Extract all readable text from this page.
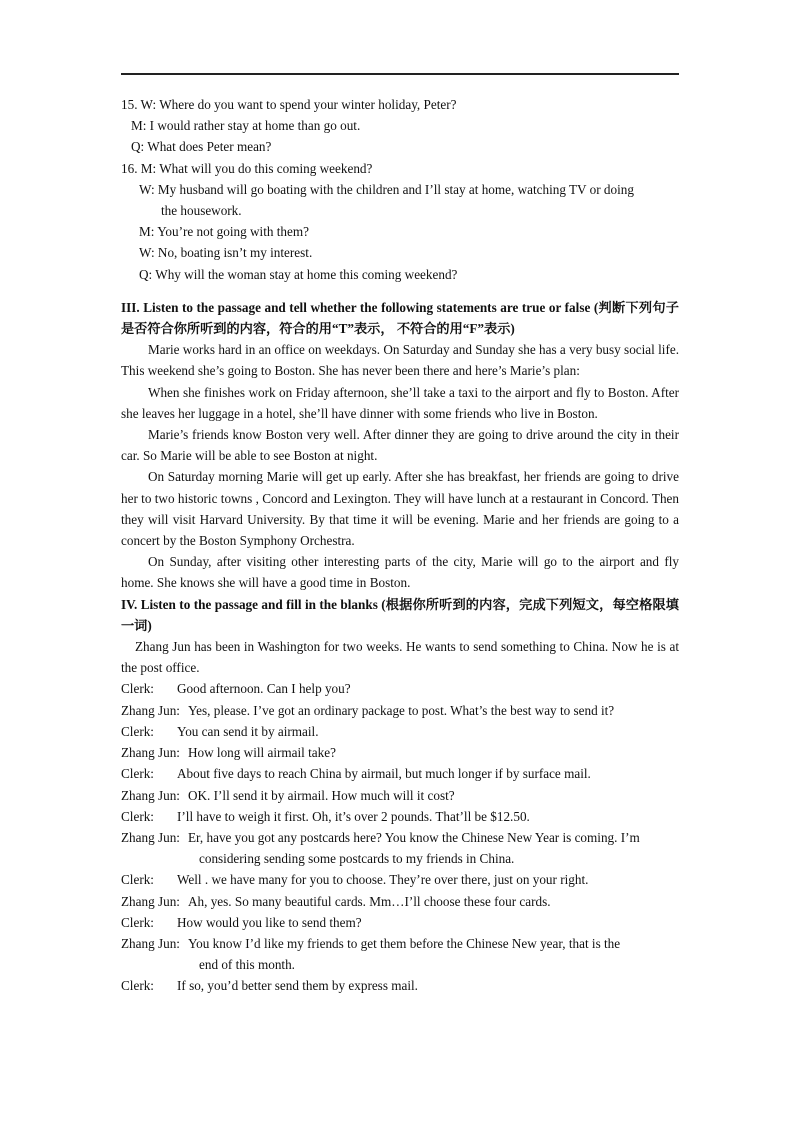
15. W: Where do you want to spend your winter holiday, Peter?

M: I would rather stay at home than go out.

Q: What does Peter mean?

16. M: What will you do this coming weekend?

W: My husband will go boating with the children and I’ll stay at home, watching TV or doing

the housework.

M: You’re not going with them?

W: No, boating isn’t my interest.

Q: Why will the woman stay at home this coming weekend?

III. Listen to the passage and tell whether the following statements are true or false (判断下列句子是否符合你所听到的内容，符合的用“T”表示， 不符合的用“F”表示)

Marie works hard in an office on weekdays. On Saturday and Sunday she has a very busy social life. This weekend she’s going to Boston. She has never been there and here’s Marie’s plan:

When she finishes work on Friday afternoon, she’ll take a taxi to the airport and fly to Boston. After she leaves her luggage in a hotel, she’ll have dinner with some friends who live in Boston.

Marie’s friends know Boston very well. After dinner they are going to drive around the city in their car. So Marie will be able to see Boston at night.

On Saturday morning Marie will get up early. After she has breakfast, her friends are going to drive her to two historic towns , Concord and Lexington. They will have lunch at a restaurant in Concord. Then they will visit Harvard University. By that time it will be evening. Marie and her friends are going to a concert by the Boston Symphony Orchestra.

On Sunday, after visiting other interesting parts of the city, Marie will go to the airport and fly home. She knows she will have a good time in Boston.

IV. Listen to the passage and fill in the blanks (根据你所听到的内容，完成下列短文，每空格限填一词)

Zhang Jun has been in Washington for two weeks. He wants to send something to China. Now he is at the post office.

Clerk:	Good afternoon. Can I help you?
Zhang Jun: Yes, please. I’ve got an ordinary package to post. What’s the best way to send it?
Clerk:	You can send it by airmail.
Zhang Jun: How long will airmail take?
Clerk:	About five days to reach China by airmail, but much longer if by surface mail.
Zhang Jun: OK. I’ll send it by airmail. How much will it cost?
Clerk:	I’ll have to weigh it first. Oh, it’s over 2 pounds. That’ll be $12.50.
Zhang Jun: Er, have you got any postcards here? You know the Chinese New Year is coming. I’m

considering sending some postcards to my friends in China.

Clerk:	Well . we have many for you to choose. They’re over there, just on your right.
Zhang Jun: Ah, yes. So many beautiful cards. Mm…I’ll choose these four cards.
Clerk:	How would you like to send them?
Zhang Jun: You know I’d like my friends to get them before the Chinese New year, that is the

end of this month.

Clerk:	If so, you’d better send them by express mail.
